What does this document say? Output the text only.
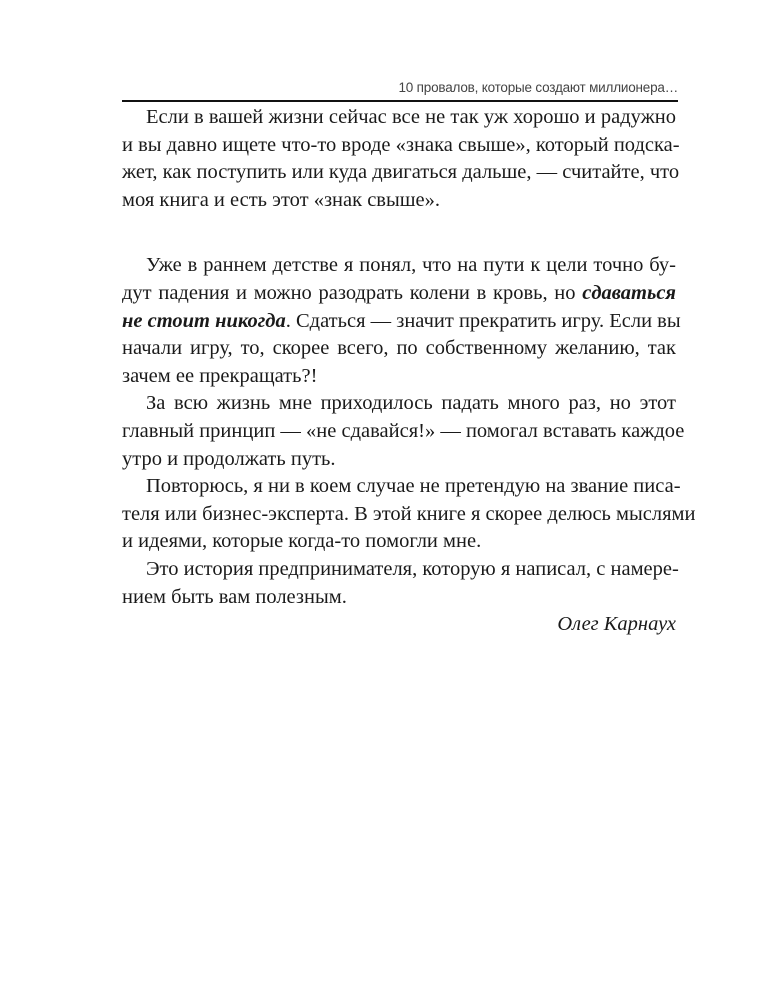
10 провалов, которые создают миллионера…
Если в вашей жизни сейчас все не так уж хорошо и радужно
и вы давно ищете что-то вроде «знака свыше», который подска-
жет, как поступить или куда двигаться дальше, — считайте, что
моя книга и есть этот «знак свыше».
Уже в раннем детстве я понял, что на пути к цели точно бу-
дут падения и можно разодрать колени в кровь, но сдаваться
не стоит никогда. Сдаться — значит прекратить игру. Если вы
начали игру, то, скорее всего, по собственному желанию, так
зачем ее прекращать?!
За всю жизнь мне приходилось падать много раз, но этот
главный принцип — «не сдавайся!» — помогал вставать каждое
утро и продолжать путь.
Повторюсь, я ни в коем случае не претендую на звание писа-
теля или бизнес-эксперта. В этой книге я скорее делюсь мыслями
и идеями, которые когда-то помогли мне.
Это история предпринимателя, которую я написал, с намере-
нием быть вам полезным.
Олег Карнаух
